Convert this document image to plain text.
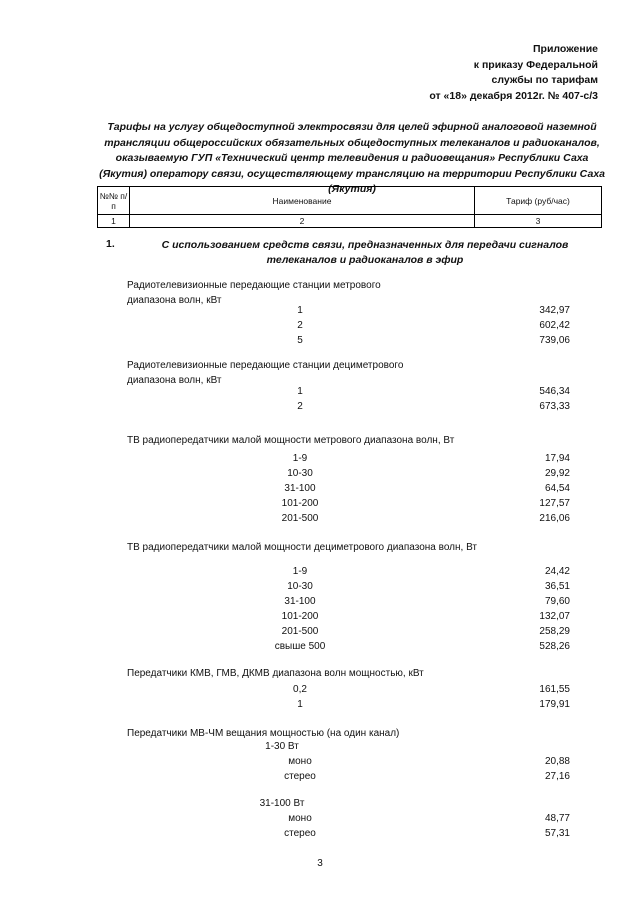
Приложение
к приказу Федеральной
службы по тарифам
от «18» декабря 2012г. № 407-с/3
Тарифы на услугу общедоступной электросвязи для целей эфирной аналоговой наземной трансляции общероссийских обязательных общедоступных телеканалов и радиоканалов, оказываемую ГУП «Технический центр телевидения и радиовещания» Республики Саха (Якутия) оператору связи, осуществляющему трансляцию на территории Республики Саха (Якутия)
№№ п/п	Наименование	Тариф (руб/час)
1	2	3
1.	С использованием средств связи, предназначенных для передачи сигналов телеканалов и радиоканалов в эфир
Радиотелевизионные передающие станции метрового диапазона волн, кВт
1	342,97
2	602,42
5	739,06
Радиотелевизионные передающие станции дециметрового диапазона волн, кВт
1	546,34
2	673,33
ТВ радиопередатчики малой мощности метрового диапазона волн, Вт
1-9	17,94
10-30	29,92
31-100	64,54
101-200	127,57
201-500	216,06
ТВ радиопередатчики малой мощности дециметрового диапазона волн, Вт
1-9	24,42
10-30	36,51
31-100	79,60
101-200	132,07
201-500	258,29
свыше 500	528,26
Передатчики КМВ, ГМВ, ДКМВ диапазона волн мощностью, кВт
0,2	161,55
1	179,91
Передатчики МВ-ЧМ вещания мощностью (на один канал)
1-30 Вт
моно	20,88
стерео	27,16
31-100 Вт
моно	48,77
стерео	57,31
3
